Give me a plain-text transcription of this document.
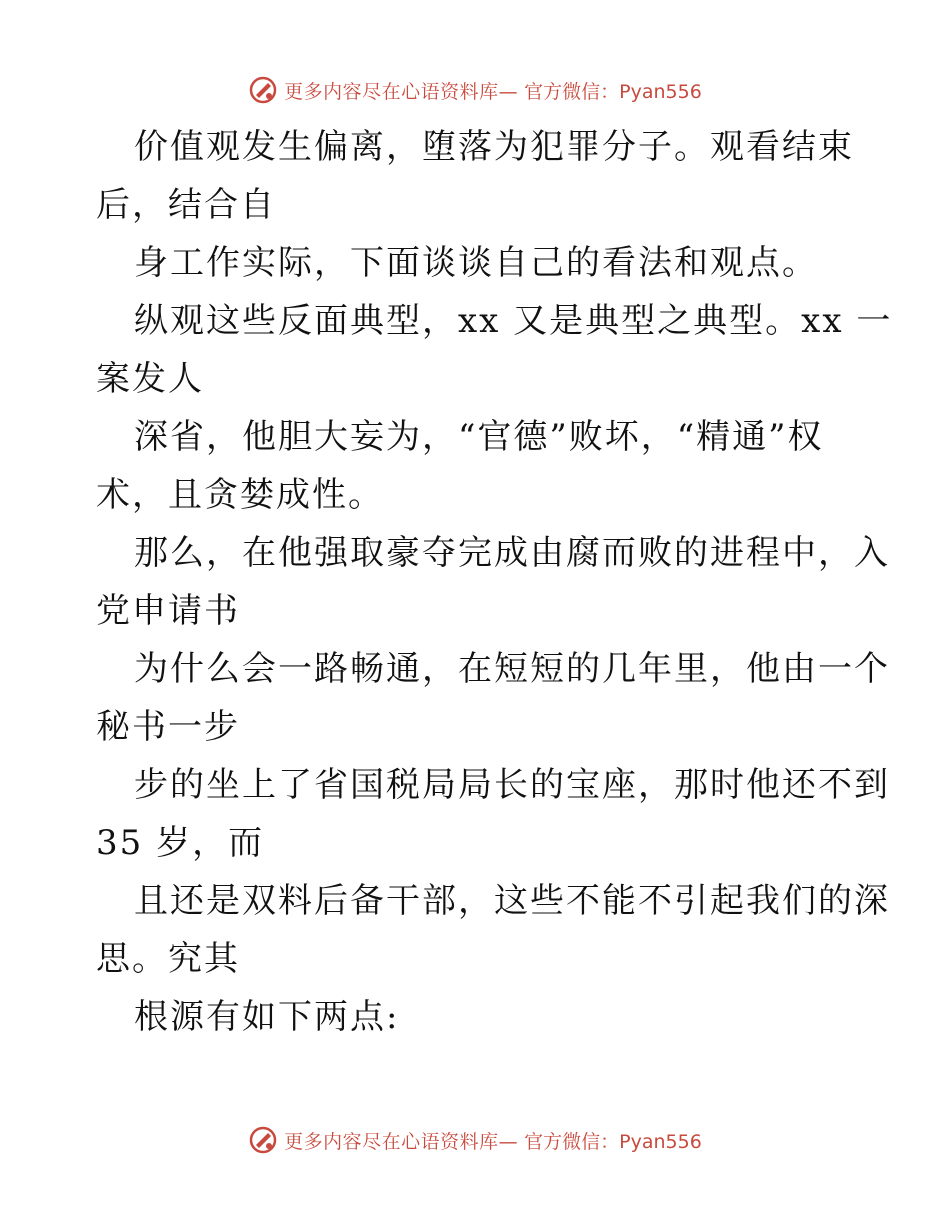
更多内容尽在心语资料库— 官方微信：Pyan556
价值观发生偏离，堕落为犯罪分子。观看结束
后，结合自
身工作实际，下面谈谈自己的看法和观点。
纵观这些反面典型，xx 又是典型之典型。xx 一
案发人
深省，他胆大妄为，“官德”败坏，“精通”权
术，且贪婪成性。
那么，在他强取豪夺完成由腐而败的进程中，入
党申请书
为什么会一路畅通，在短短的几年里，他由一个
秘书一步
步的坐上了省国税局局长的宝座，那时他还不到
35 岁，而
且还是双料后备干部，这些不能不引起我们的深
思。究其
根源有如下两点:
更多内容尽在心语资料库— 官方微信：Pyan556
